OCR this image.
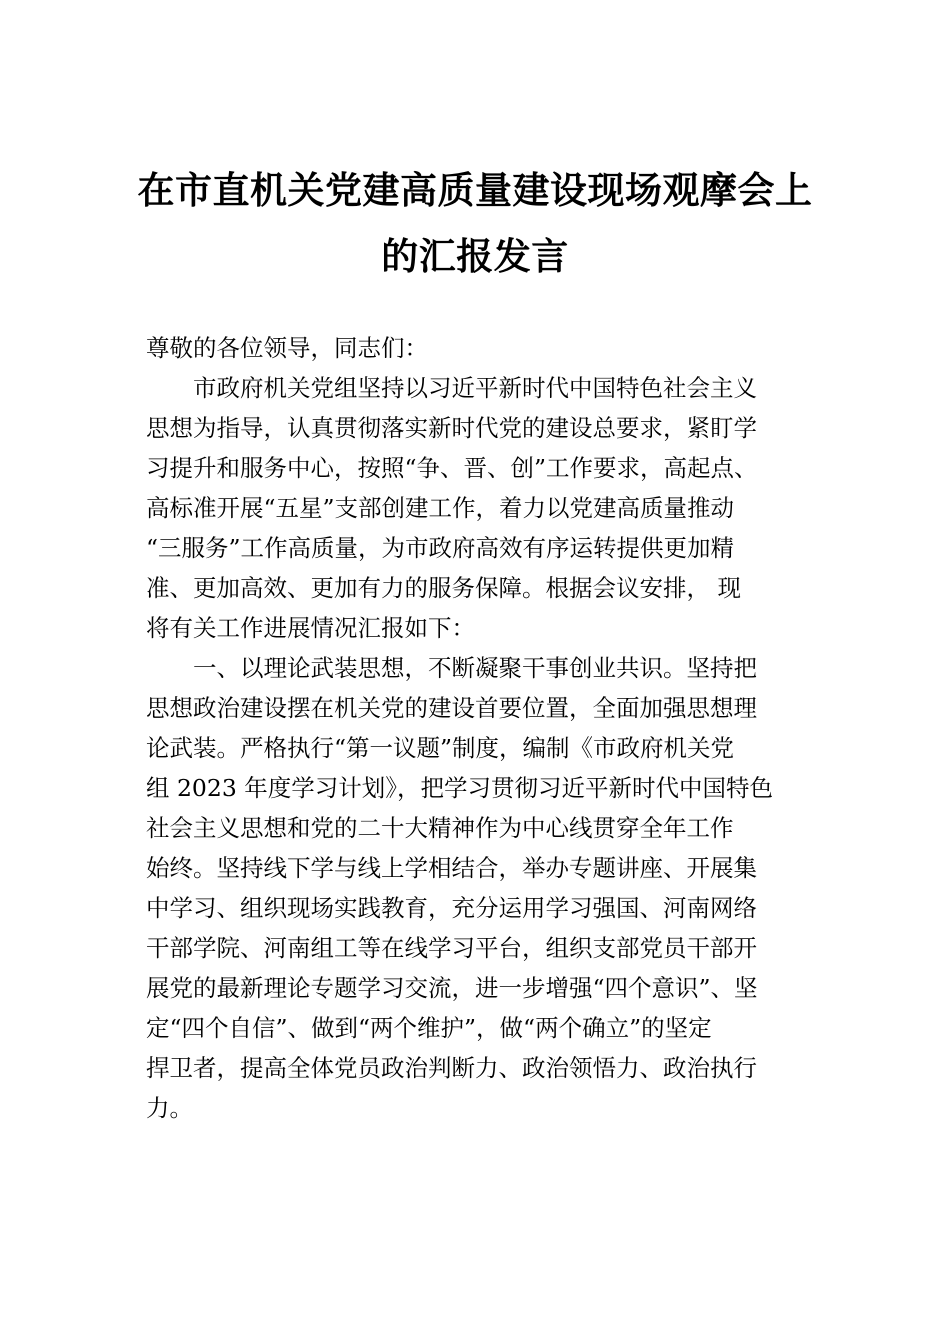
在市直机关党建高质量建设现场观摩会上
的汇报发言
尊敬的各位领导，同志们：
　　市政府机关党组坚持以习近平新时代中国特色社会主义
思想为指导，认真贯彻落实新时代党的建设总要求，紧盯学
习提升和服务中心，按照“争、晋、创”工作要求，高起点、
高标准开展“五星”支部创建工作，着力以党建高质量推动
“三服务”工作高质量，为市政府高效有序运转提供更加精
准、更加高效、更加有力的服务保障。根据会议安排， 现
将有关工作进展情况汇报如下：
　　一、以理论武装思想，不断凝聚干事创业共识。坚持把
思想政治建设摆在机关党的建设首要位置，全面加强思想理
论武装。严格执行“第一议题”制度，编制《市政府机关党
组 2023 年度学习计划》，把学习贯彻习近平新时代中国特色
社会主义思想和党的二十大精神作为中心线贯穿全年工作
始终。坚持线下学与线上学相结合，举办专题讲座、开展集
中学习、组织现场实践教育，充分运用学习强国、河南网络
干部学院、河南组工等在线学习平台，组织支部党员干部开
展党的最新理论专题学习交流，进一步增强“四个意识”、坚
定“四个自信”、做到“两个维护”，做“两个确立”的坚定
捍卫者，提高全体党员政治判断力、政治领悟力、政治执行
力。
